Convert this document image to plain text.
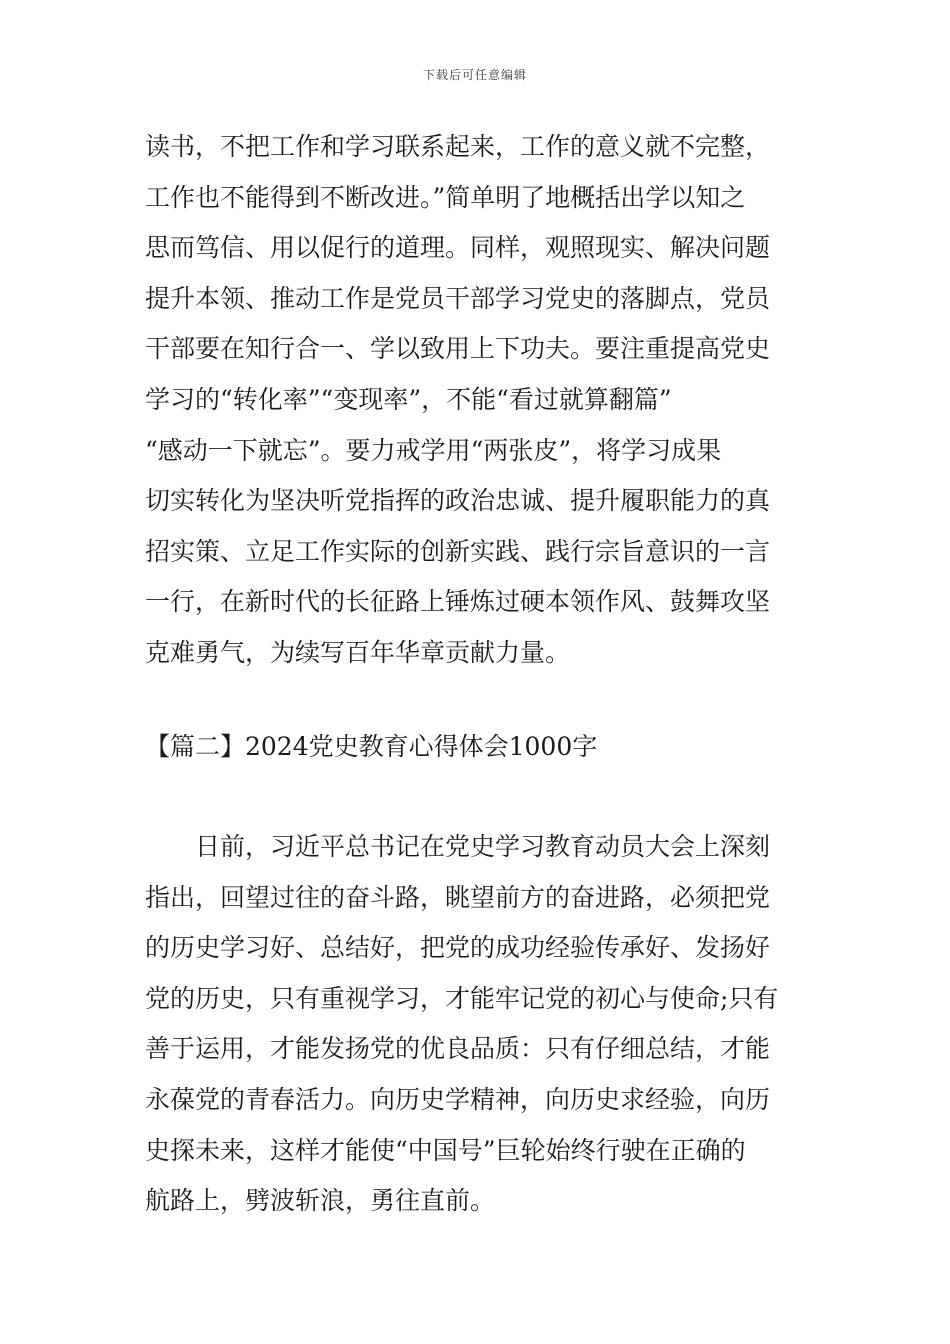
下载后可任意编辑
读书，不把工作和学习联系起来，工作的意义就不完整，
工作也不能得到不断改进。”简单明了地概括出学以知之
思而笃信、用以促行的道理。同样，观照现实、解决问题
提升本领、推动工作是党员干部学习党史的落脚点，党员
干部要在知行合一、学以致用上下功夫。要注重提高党史
学习的“转化率”“变现率”，不能“看过就算翻篇”
“感动一下就忘”。要力戒学用“两张皮”，将学习成果
切实转化为坚决听党指挥的政治忠诚、提升履职能力的真
招实策、立足工作实际的创新实践、践行宗旨意识的一言
一行，在新时代的长征路上锤炼过硬本领作风、鼓舞攻坚
克难勇气，为续写百年华章贡献力量。
【篇二】2024党史教育心得体会1000字
　　日前，习近平总书记在党史学习教育动员大会上深刻
指出，回望过往的奋斗路，眺望前方的奋进路，必须把党
的历史学习好、总结好，把党的成功经验传承好、发扬好
党的历史，只有重视学习，才能牢记党的初心与使命;只有
善于运用，才能发扬党的优良品质：只有仔细总结，才能
永葆党的青春活力。向历史学精神，向历史求经验，向历
史探未来，这样才能使“中国号”巨轮始终行驶在正确的
航路上，劈波斩浪，勇往直前。
